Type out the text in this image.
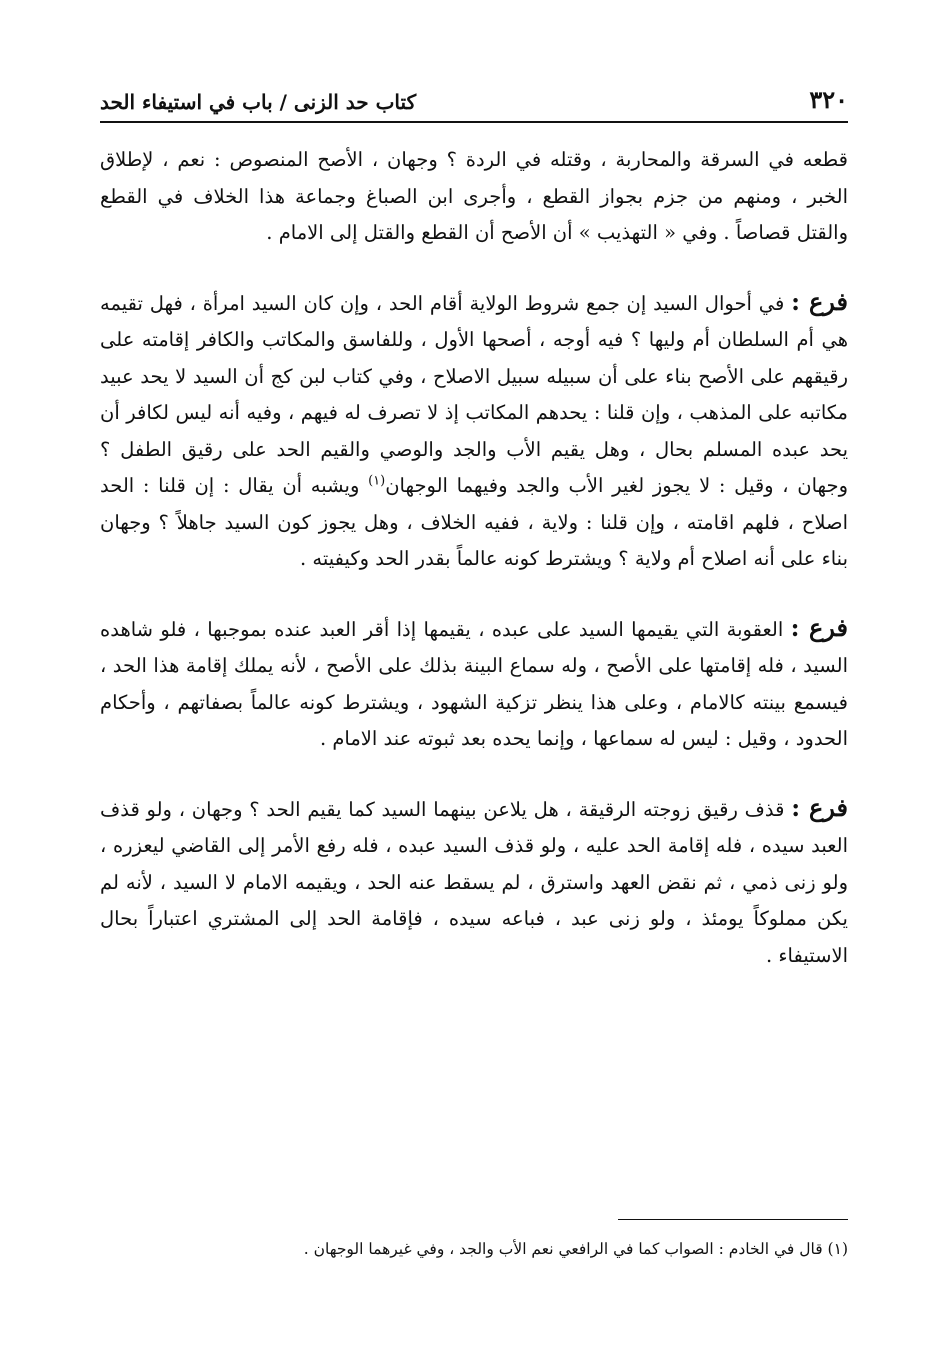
٣٢٠
كتاب حد الزنى / باب في استيفاء الحد

قطعه في السرقة والمحاربة ، وقتله في الردة ؟ وجهان ، الأصح المنصوص : نعم ، لإطلاق الخبر ، ومنهم من جزم بجواز القطع ، وأجرى ابن الصباغ وجماعة هذا الخلاف في القطع والقتل قصاصاً . وفي « التهذيب » أن الأصح أن القطع والقتل إلى الامام .

فرع : في أحوال السيد إن جمع شروط الولاية أقام الحد ، وإن كان السيد امرأة ، فهل تقيمه هي أم السلطان أم وليها ؟ فيه أوجه ، أصحها الأول ، وللفاسق والمكاتب والكافر إقامته على رقيقهم على الأصح بناء على أن سبيله سبيل الاصلاح ، وفي كتاب لبن كج أن السيد لا يحد عبيد مكاتبه على المذهب ، وإن قلنا : يحدهم المكاتب إذ لا تصرف له فيهم ، وفيه أنه ليس لكافر أن يحد عبده المسلم بحال ، وهل يقيم الأب والجد والوصي والقيم الحد على رقيق الطفل ؟ وجهان ، وقيل : لا يجوز لغير الأب والجد وفيهما الوجهان$^{(١)}$ ويشبه أن يقال : إن قلنا : الحد اصلاح ، فلهم اقامته ، وإن قلنا : ولاية ، ففيه الخلاف ، وهل يجوز كون السيد جاهلاً ؟ وجهان بناء على أنه اصلاح أم ولاية ؟ ويشترط كونه عالماً بقدر الحد وكيفيته .

فرع : العقوبة التي يقيمها السيد على عبده ، يقيمها إذا أقر العبد عنده بموجبها ، فلو شاهده السيد ، فله إقامتها على الأصح ، وله سماع البينة بذلك على الأصح ، لأنه يملك إقامة هذا الحد ، فيسمع بينته كالامام ، وعلى هذا ينظر تزكية الشهود ، ويشترط كونه عالماً بصفاتهم ، وأحكام الحدود ، وقيل : ليس له سماعها ، وإنما يحده بعد ثبوته عند الامام .

فرع : قذف رقيق زوجته الرقيقة ، هل يلاعن بينهما السيد كما يقيم الحد ؟ وجهان ، ولو قذف العبد سيده ، فله إقامة الحد عليه ، ولو قذف السيد عبده ، فله رفع الأمر إلى القاضي ليعزره ، ولو زنى ذمي ، ثم نقض العهد واسترق ، لم يسقط عنه الحد ، ويقيمه الامام لا السيد ، لأنه لم يكن مملوكاً يومئذ ، ولو زنى عبد ، فباعه سيده ، فإقامة الحد إلى المشتري اعتباراً بحال الاستيفاء .

(١) قال في الخادم : الصواب كما في الرافعي نعم الأب والجد ، وفي غيرهما الوجهان .
